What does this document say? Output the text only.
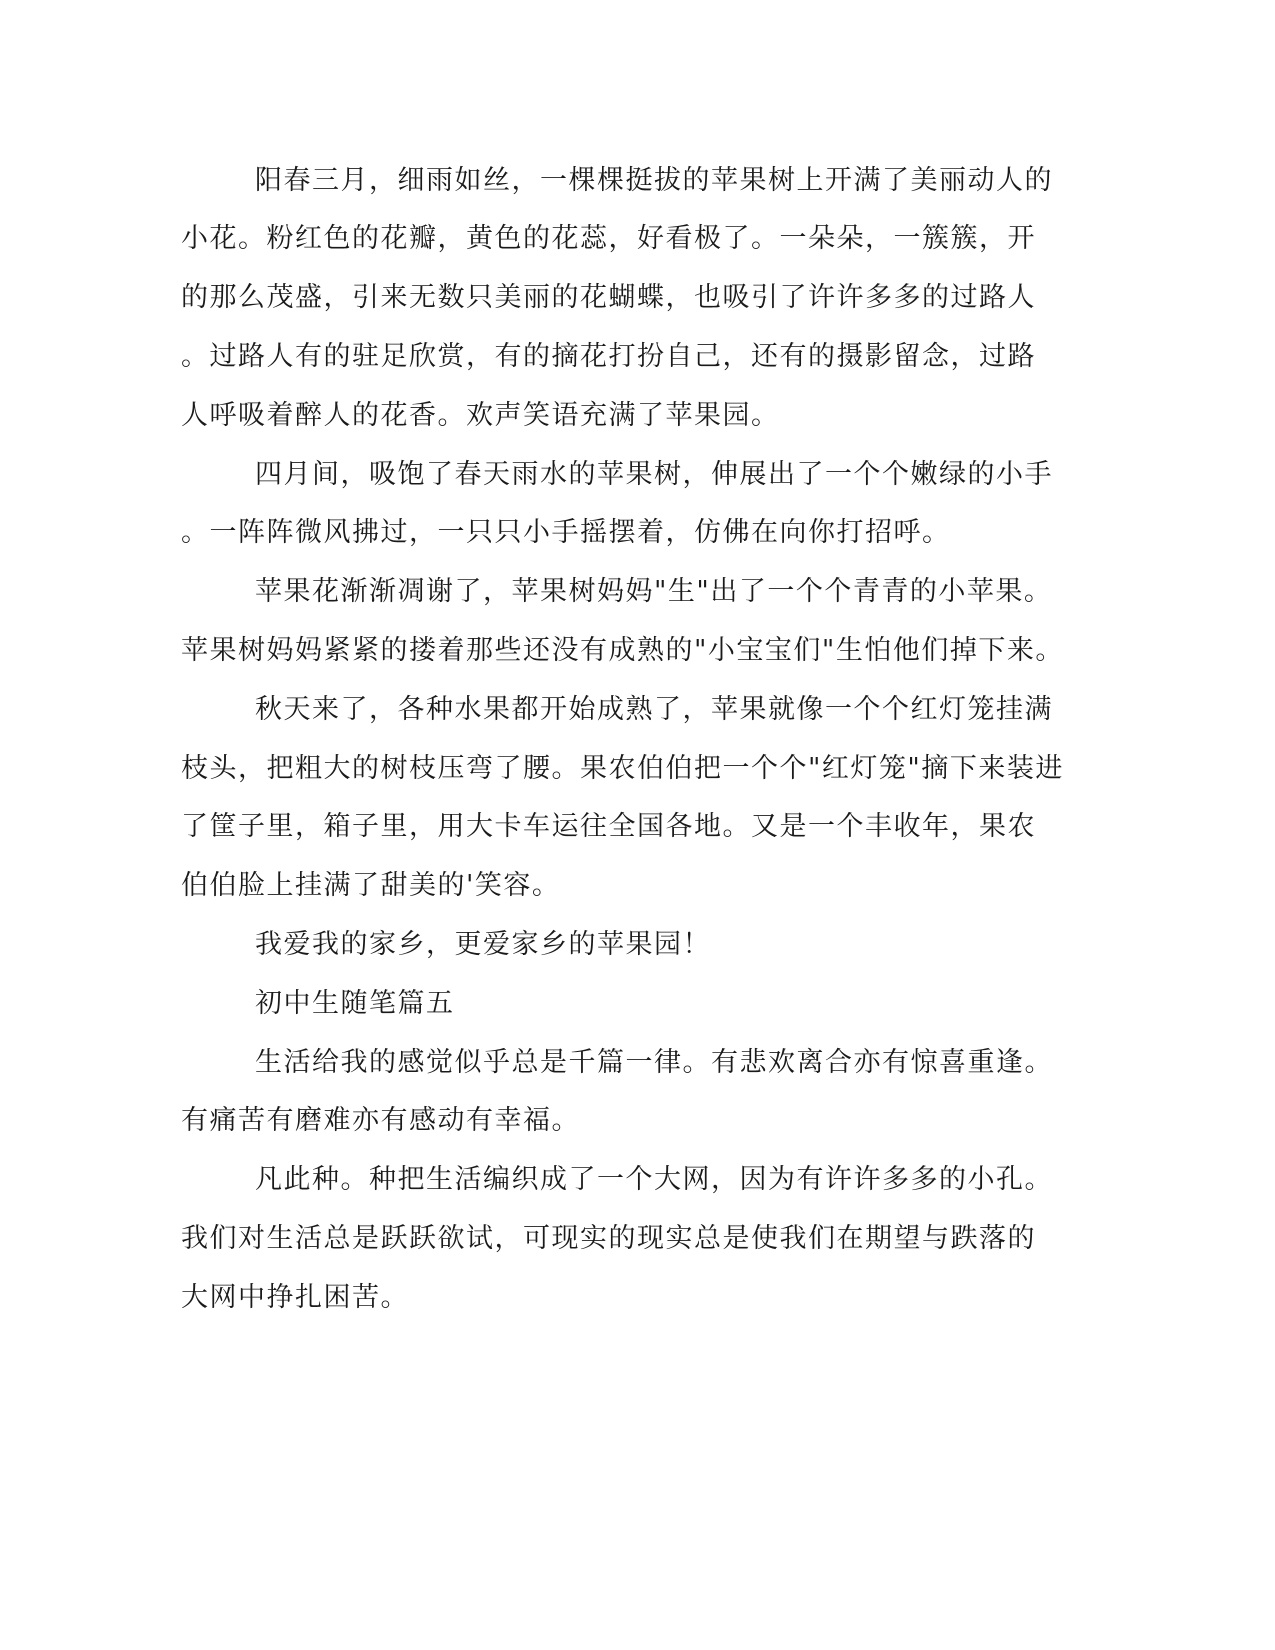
阳春三月，细雨如丝，一棵棵挺拔的苹果树上开满了美丽动人的
小花。粉红色的花瓣，黄色的花蕊，好看极了。一朵朵，一簇簇，开
的那么茂盛，引来无数只美丽的花蝴蝶，也吸引了许许多多的过路人
。过路人有的驻足欣赏，有的摘花打扮自己，还有的摄影留念，过路
人呼吸着醉人的花香。欢声笑语充满了苹果园。
四月间，吸饱了春天雨水的苹果树，伸展出了一个个嫩绿的小手
。一阵阵微风拂过，一只只小手摇摆着，仿佛在向你打招呼。
苹果花渐渐凋谢了，苹果树妈妈"生"出了一个个青青的小苹果。
苹果树妈妈紧紧的搂着那些还没有成熟的"小宝宝们"生怕他们掉下来。
秋天来了，各种水果都开始成熟了，苹果就像一个个红灯笼挂满
枝头，把粗大的树枝压弯了腰。果农伯伯把一个个"红灯笼"摘下来装进
了筐子里，箱子里，用大卡车运往全国各地。又是一个丰收年，果农
伯伯脸上挂满了甜美的'笑容。
我爱我的家乡，更爱家乡的苹果园！
初中生随笔篇五
生活给我的感觉似乎总是千篇一律。有悲欢离合亦有惊喜重逢。
有痛苦有磨难亦有感动有幸福。
凡此种。种把生活编织成了一个大网，因为有许许多多的小孔。
我们对生活总是跃跃欲试，可现实的现实总是使我们在期望与跌落的
大网中挣扎困苦。
